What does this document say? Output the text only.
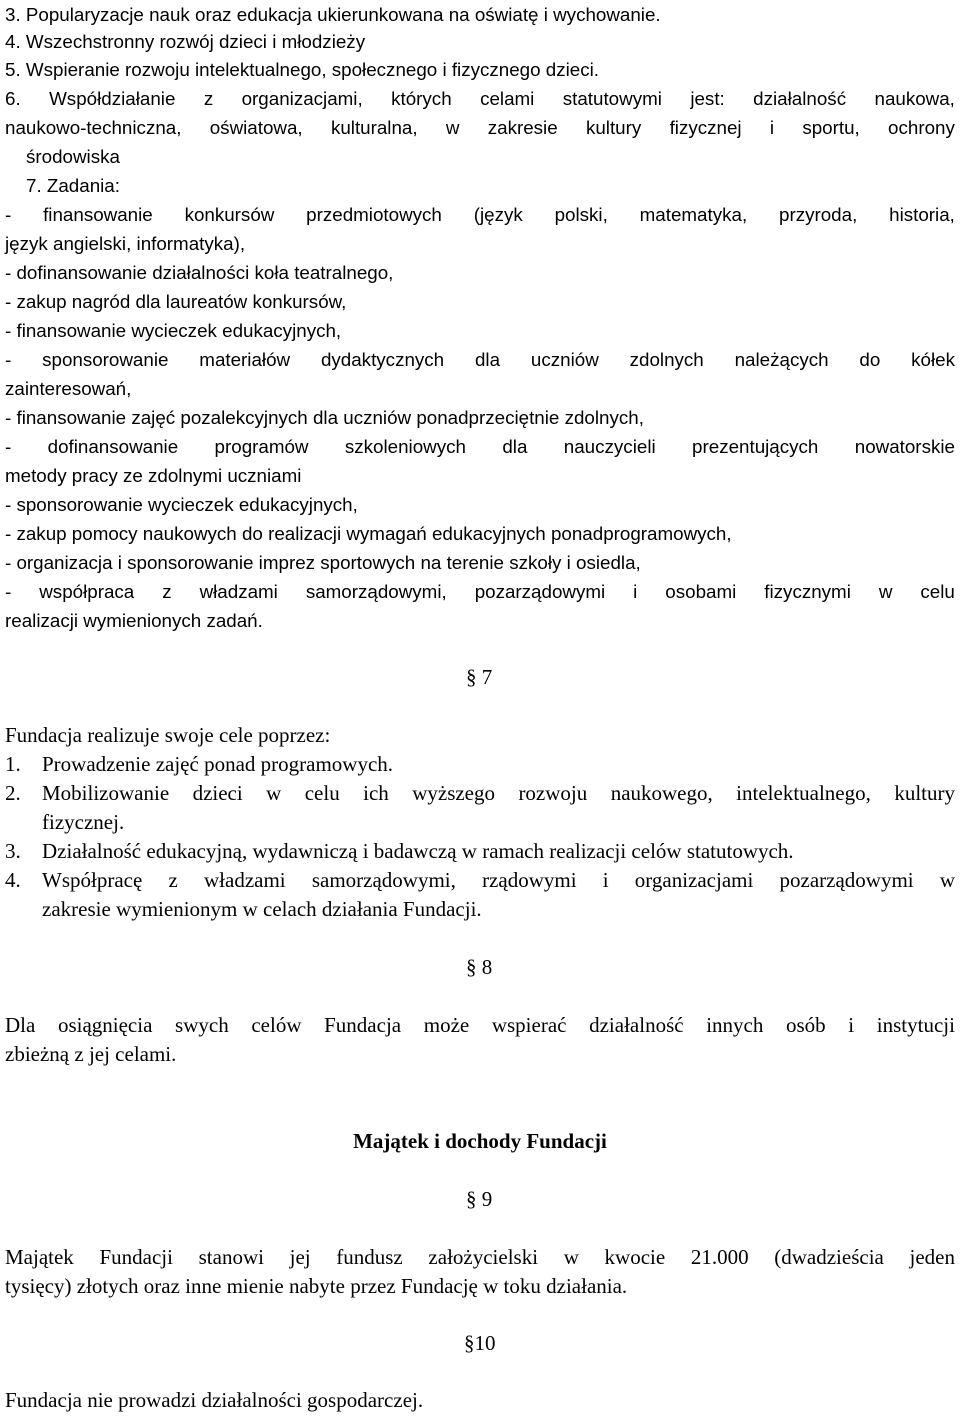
3. Popularyzacje nauk oraz edukacja ukierunkowana na oświatę i wychowanie.
4. Wszechstronny rozwój dzieci i młodzieży
5. Wspieranie rozwoju intelektualnego, społecznego i fizycznego dzieci.
6. Współdziałanie z organizacjami, których celami statutowymi jest: działalność naukowa,
naukowo-techniczna, oświatowa, kulturalna, w zakresie kultury fizycznej i sportu, ochrony
środowiska
7. Zadania:
- finansowanie konkursów przedmiotowych (język polski, matematyka, przyroda, historia,
język angielski, informatyka),
- dofinansowanie działalności koła teatralnego,
- zakup nagród dla laureatów konkursów,
- finansowanie wycieczek edukacyjnych,
- sponsorowanie materiałów dydaktycznych dla uczniów zdolnych należących do kółek
zainteresowań,
- finansowanie zajęć pozalekcyjnych dla uczniów ponadprzeciętnie zdolnych,
- dofinansowanie programów szkoleniowych dla nauczycieli prezentujących nowatorskie
metody pracy ze zdolnymi uczniami
- sponsorowanie wycieczek edukacyjnych,
- zakup pomocy naukowych do realizacji wymagań edukacyjnych ponadprogramowych,
- organizacja i sponsorowanie imprez sportowych na terenie szkoły i osiedla,
- współpraca z władzami samorządowymi, pozarządowymi i osobami fizycznymi w celu
realizacji wymienionych zadań.
§ 7
Fundacja realizuje swoje cele poprzez:
1. Prowadzenie zajęć ponad programowych.
2. Mobilizowanie dzieci w celu ich wyższego rozwoju naukowego, intelektualnego, kultury
fizycznej.
3. Działalność edukacyjną, wydawniczą i badawczą w ramach realizacji celów statutowych.
4. Współpracę z władzami samorządowymi, rządowymi i organizacjami pozarządowymi w
zakresie wymienionym w celach działania Fundacji.
§ 8
Dla osiągnięcia swych celów Fundacja może wspierać działalność innych osób i instytucji
zbieżną z jej celami.
Majątek i dochody Fundacji
§ 9
Majątek Fundacji stanowi jej fundusz założycielski w kwocie 21.000 (dwadzieścia jeden
tysięcy) złotych oraz inne mienie nabyte przez Fundację w toku działania.
§10
Fundacja nie prowadzi działalności gospodarczej.
